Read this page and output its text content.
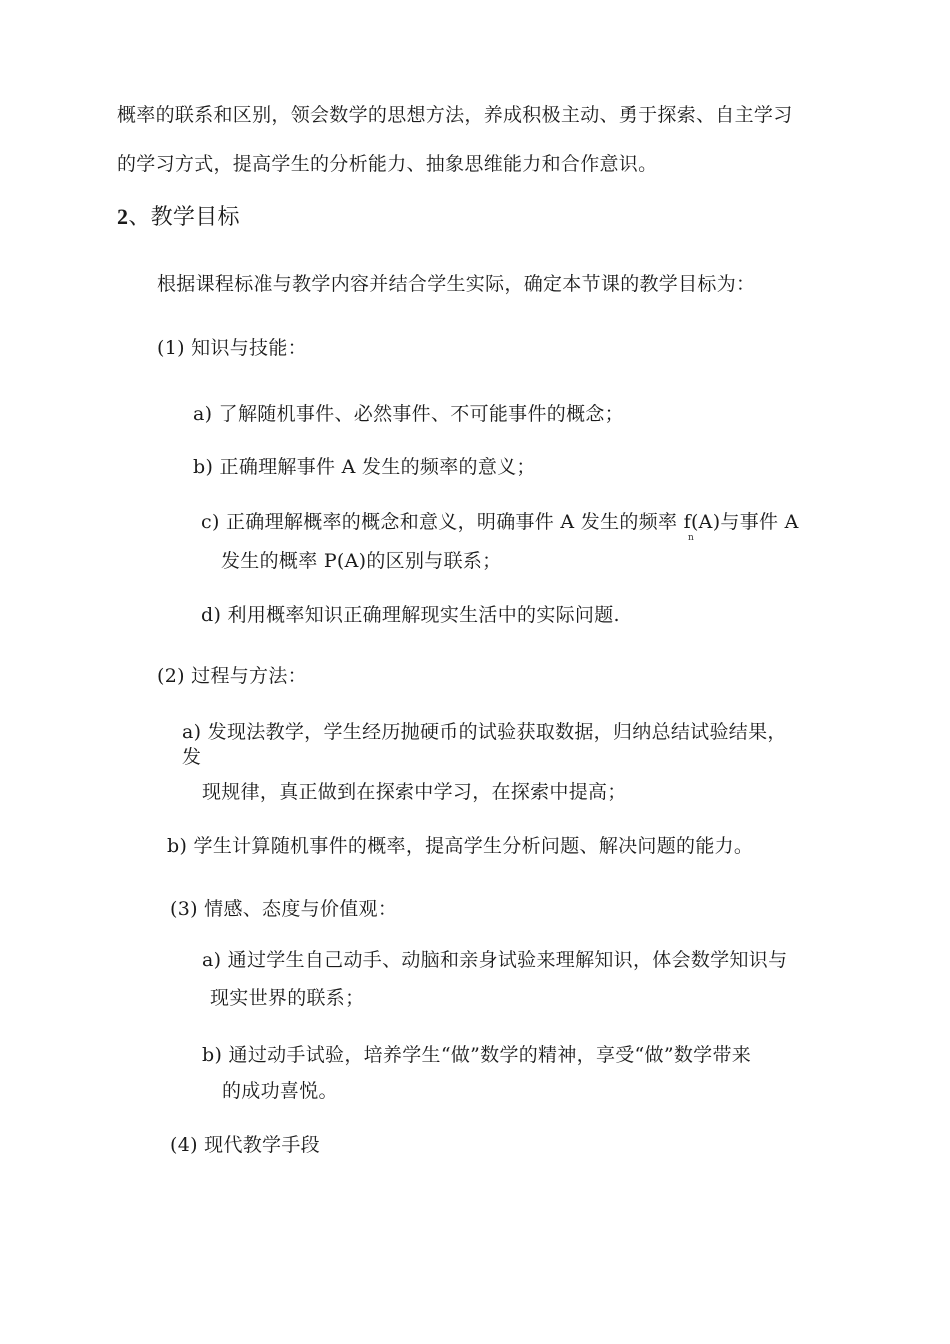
概率的联系和区别，领会数学的思想方法，养成积极主动、勇于探索、自主学习
的学习方式，提高学生的分析能力、抽象思维能力和合作意识。
2、教学目标
根据课程标准与教学内容并结合学生实际，确定本节课的教学目标为：
(1) 知识与技能：
a) 了解随机事件、必然事件、不可能事件的概念；
b) 正确理解事件 A 发生的频率的意义；
c) 正确理解概率的概念和意义，明确事件 A 发生的频率 f(A)与事件 A
n
发生的概率 P(A)的区别与联系；
d) 利用概率知识正确理解现实生活中的实际问题.
(2) 过程与方法：
a) 发现法教学，学生经历抛硬币的试验获取数据，归纳总结试验结果，
发
现规律，真正做到在探索中学习，在探索中提高；
b) 学生计算随机事件的概率，提高学生分析问题、解决问题的能力。
(3) 情感、态度与价值观：
a) 通过学生自己动手、动脑和亲身试验来理解知识，体会数学知识与
现实世界的联系；
b) 通过动手试验，培养学生“做”数学的精神，享受“做”数学带来
的成功喜悦。
(4) 现代教学手段
